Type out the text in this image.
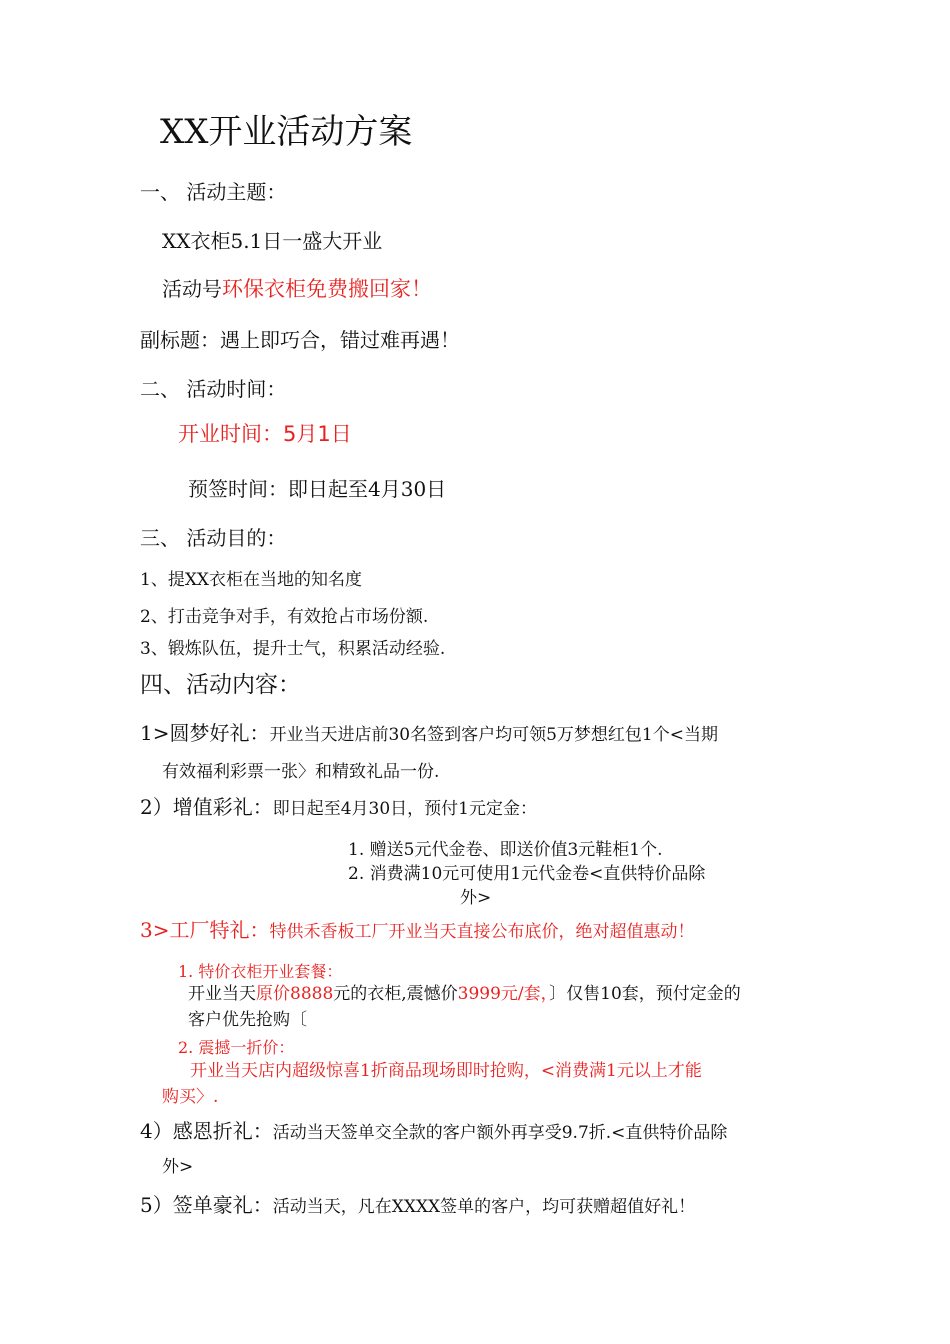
XX开业活动方案
一、 活动主题：
XX衣柜5.1日一盛大开业
活动号环保衣柜免费搬回家！
副标题：遇上即巧合，错过难再遇！
二、 活动时间：
开业时间：5月1日
预签时间：即日起至4月30日
三、 活动目的：
1、提XX衣柜在当地的知名度
2、打击竞争对手，有效抢占市场份额.
3、锻炼队伍，提升士气，积累活动经验.
四、活动内容：
1>圆梦好礼：开业当天进店前30名签到客户均可领5万梦想红包1个<当期
有效福利彩票一张〉和精致礼品一份.
2）增值彩礼：即日起至4月30日，预付1元定金：
1. 赠送5元代金卷、即送价值3元鞋柜1个.
2. 消费满10元可使用1元代金卷<直供特价品除
外>
3>工厂特礼：特供禾香板工厂开业当天直接公布底价，绝对超值惠动！
1. 特价衣柜开业套餐：
开业当天原价8888元的衣柜,震憾价3999元/套，〕仅售10套，预付定金的
客户优先抢购〔
2. 震撼一折价：
开业当天店内超级惊喜1折商品现场即时抢购，<消费满1元以上才能
购买〉.
4）感恩折礼：活动当天签单交全款的客户额外再享受9.7折.<直供特价品除
外>
5）签单豪礼：活动当天，凡在XXXX签单的客户，均可获赠超值好礼！
